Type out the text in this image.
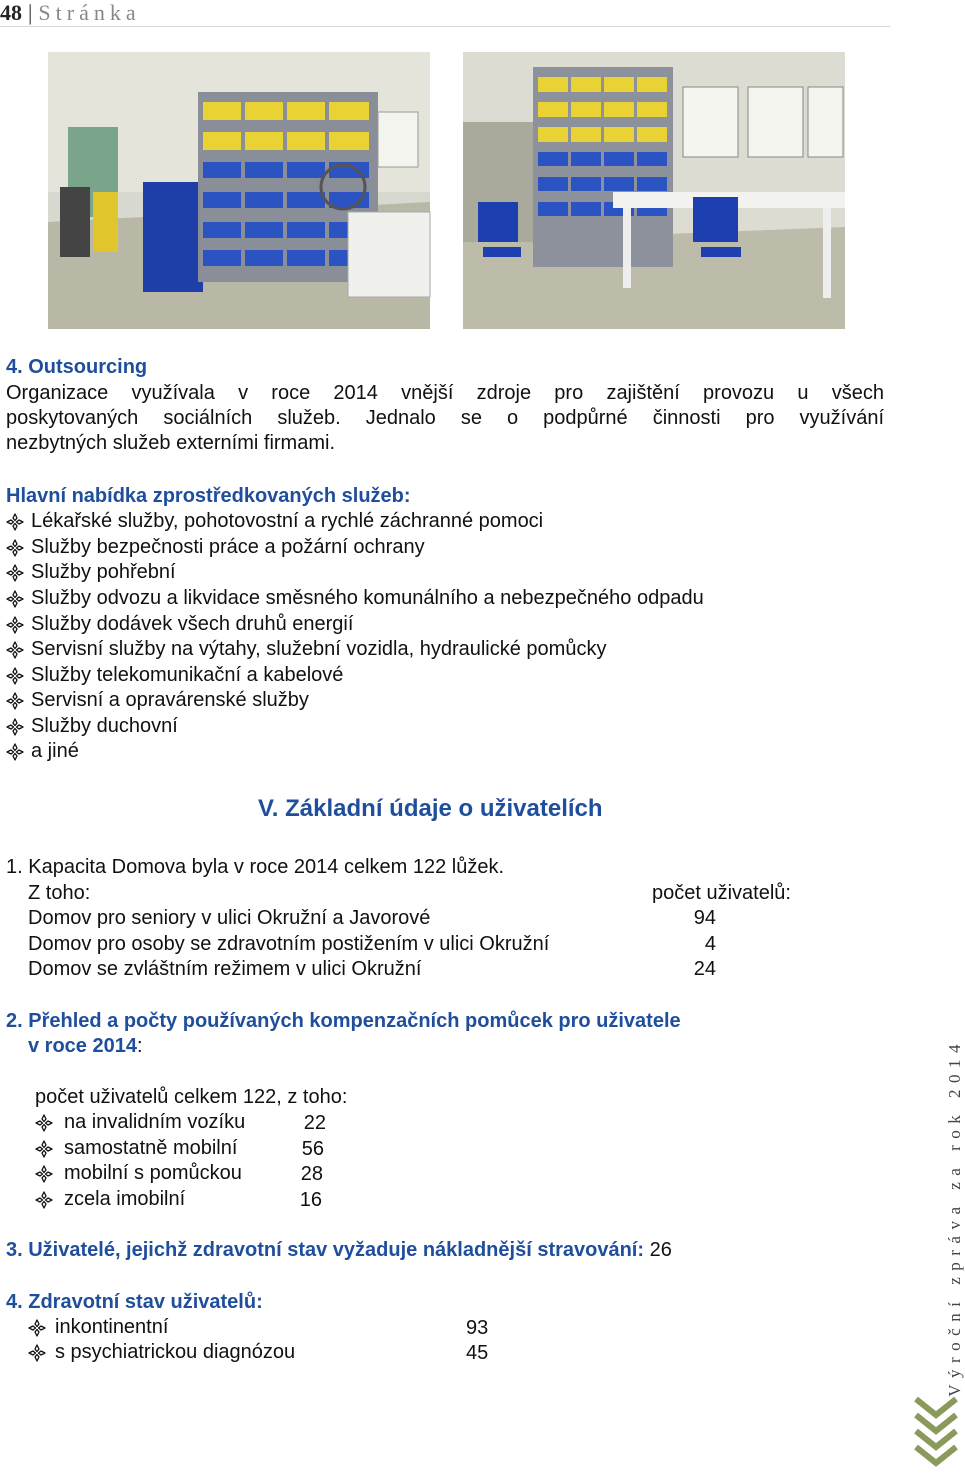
48 | Stránka
4. Outsourcing
Organizace využívala v roce 2014 vnější zdroje pro zajištění provozu u všech
poskytovaných sociálních služeb. Jednalo se o podpůrné činnosti pro využívání
nezbytných služeb externími firmami.
Hlavní nabídka zprostředkovaných služeb:
Lékařské služby, pohotovostní a rychlé záchranné pomoci
Služby bezpečnosti práce a požární ochrany
Služby pohřební
Služby odvozu a likvidace směsného komunálního a nebezpečného odpadu
Služby dodávek všech druhů energií
Servisní služby na výtahy, služební vozidla, hydraulické pomůcky
Služby telekomunikační a kabelové
Servisní a opravárenské služby
Služby duchovní
a jiné
V. Základní údaje o uživatelích
1. Kapacita Domova byla v roce 2014 celkem 122 lůžek.
Z toho:	počet uživatelů:
Domov pro seniory v ulici Okružní a Javorové	94
Domov pro osoby se zdravotním postižením v ulici Okružní	4
Domov se zvláštním režimem v ulici Okružní	24
2. Přehled a počty používaných kompenzačních pomůcek pro uživatele
v roce 2014:
počet uživatelů celkem 122, z toho:
na invalidním vozíku	22
samostatně mobilní	56
mobilní s pomůckou	28
zcela imobilní	16
3. Uživatelé, jejichž zdravotní stav vyžaduje nákladnější stravování: 26
4. Zdravotní stav uživatelů:
inkontinentní	93
s psychiatrickou diagnózou	45	Výroční zpráva za rok 2014
